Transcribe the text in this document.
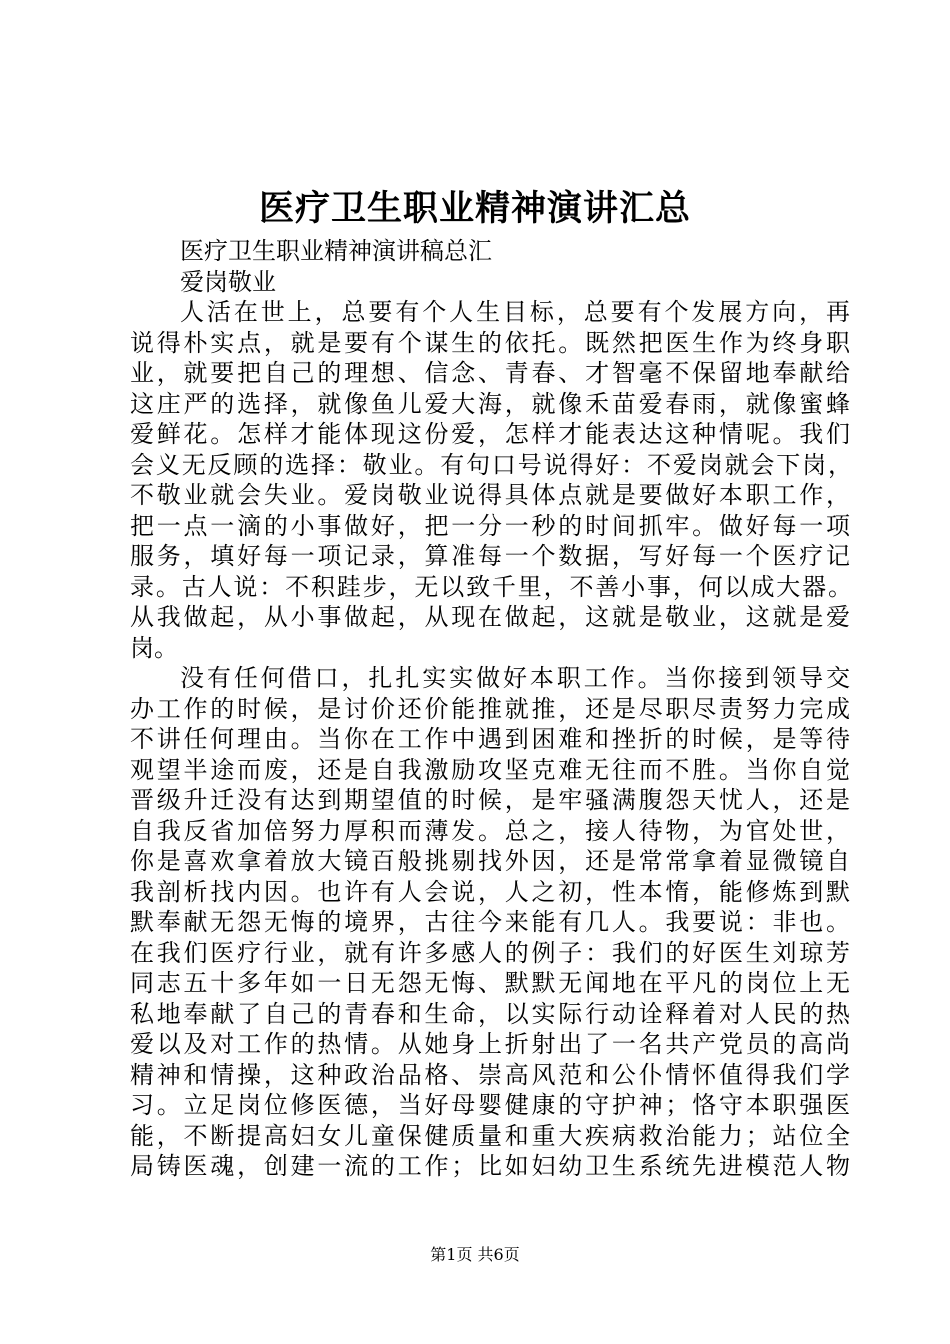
医疗卫生职业精神演讲汇总
医疗卫生职业精神演讲稿总汇
爱岗敬业
人活在世上，总要有个人生目标，总要有个发展方向，再
说得朴实点，就是要有个谋生的依托。既然把医生作为终身职
业，就要把自己的理想、信念、青春、才智毫不保留地奉献给
这庄严的选择，就像鱼儿爱大海，就像禾苗爱春雨，就像蜜蜂
爱鲜花。怎样才能体现这份爱，怎样才能表达这种情呢。我们
会义无反顾的选择：敬业。有句口号说得好：不爱岗就会下岗，
不敬业就会失业。爱岗敬业说得具体点就是要做好本职工作，
把一点一滴的小事做好，把一分一秒的时间抓牢。做好每一项
服务，填好每一项记录，算准每一个数据，写好每一个医疗记
录。古人说：不积跬步，无以致千里，不善小事，何以成大器。
从我做起，从小事做起，从现在做起，这就是敬业，这就是爱
岗。
没有任何借口，扎扎实实做好本职工作。当你接到领导交
办工作的时候，是讨价还价能推就推，还是尽职尽责努力完成
不讲任何理由。当你在工作中遇到困难和挫折的时候，是等待
观望半途而废，还是自我激励攻坚克难无往而不胜。当你自觉
晋级升迁没有达到期望值的时候，是牢骚满腹怨天忧人，还是
自我反省加倍努力厚积而薄发。总之，接人待物，为官处世，
你是喜欢拿着放大镜百般挑剔找外因，还是常常拿着显微镜自
我剖析找内因。也许有人会说，人之初，性本惰，能修炼到默
默奉献无怨无悔的境界，古往今来能有几人。我要说：非也。
在我们医疗行业，就有许多感人的例子：我们的好医生刘琼芳
同志五十多年如一日无怨无悔、默默无闻地在平凡的岗位上无
私地奉献了自己的青春和生命，以实际行动诠释着对人民的热
爱以及对工作的热情。从她身上折射出了一名共产党员的高尚
精神和情操，这种政治品格、崇高风范和公仆情怀值得我们学
习。立足岗位修医德，当好母婴健康的守护神；恪守本职强医
能，不断提高妇女儿童保健质量和重大疾病救治能力；站位全
局铸医魂，创建一流的工作；比如妇幼卫生系统先进模范人物
第1页 共6页
